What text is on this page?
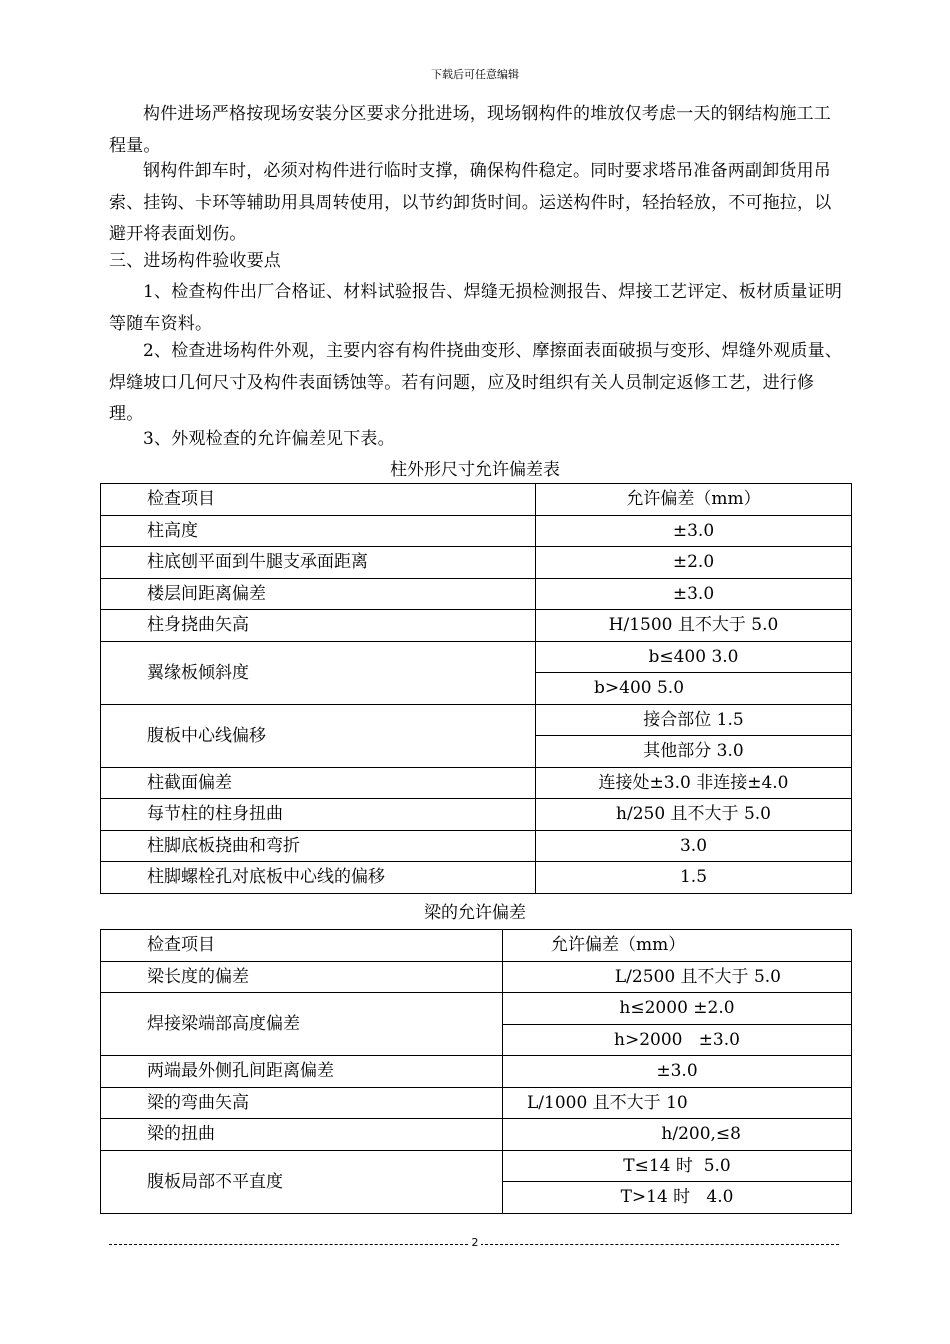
下载后可任意编辑

构件进场严格按现场安装分区要求分批进场，现场钢构件的堆放仅考虑一天的钢结构施工工程量。

钢构件卸车时，必须对构件进行临时支撑，确保构件稳定。同时要求塔吊准备两副卸货用吊索、挂钩、卡环等辅助用具周转使用，以节约卸货时间。运送构件时，轻抬轻放，不可拖拉，以避开将表面划伤。

三、进场构件验收要点

1、检查构件出厂合格证、材料试验报告、焊缝无损检测报告、焊接工艺评定、板材质量证明等随车资料。

2、检查进场构件外观，主要内容有构件挠曲变形、摩擦面表面破损与变形、焊缝外观质量、焊缝坡口几何尺寸及构件表面锈蚀等。若有问题，应及时组织有关人员制定返修工艺，进行修理。

3、外观检查的允许偏差见下表。

柱外形尺寸允许偏差表
检查项目	允许偏差（mm）
柱高度	±3.0
柱底刨平面到牛腿支承面距离	±2.0
楼层间距离偏差	±3.0
柱身挠曲矢高	H/1500 且不大于 5.0
翼缘板倾斜度	b≤400 3.0
	b>400 5.0
腹板中心线偏移	接合部位 1.5
	其他部分 3.0
柱截面偏差	连接处±3.0 非连接±4.0
每节柱的柱身扭曲	h/250 且不大于 5.0
柱脚底板挠曲和弯折	3.0
柱脚螺栓孔对底板中心线的偏移	1.5
梁的允许偏差
检查项目	允许偏差（mm）
梁长度的偏差	L/2500 且不大于 5.0
焊接梁端部高度偏差	h≤2000 ±2.0
	h>2000   ±3.0
两端最外侧孔间距离偏差	±3.0
梁的弯曲矢高	L/1000 且不大于 10
梁的扭曲	h/200,≤8
腹板局部不平直度	T≤14 时  5.0
	T>14 时   4.0
2
